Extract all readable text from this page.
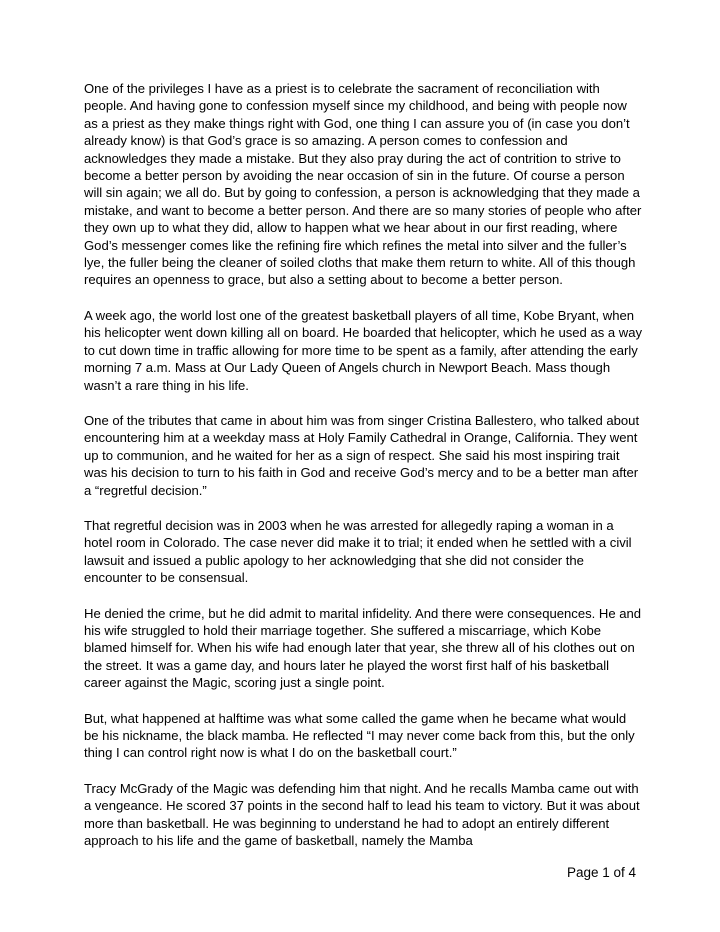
One of the privileges I have as a priest is to celebrate the sacrament of reconciliation with people. And having gone to confession myself since my childhood, and being with people now as a priest as they make things right with God, one thing I can assure you of (in case you don’t already know) is that God’s grace is so amazing. A person comes to confession and acknowledges they made a mistake. But they also pray during the act of contrition to strive to become a better person by avoiding the near occasion of sin in the future. Of course a person will sin again; we all do. But by going to confession, a person is acknowledging that they made a mistake, and want to become a better person. And there are so many stories of people who after they own up to what they did, allow to happen what we hear about in our first reading, where God’s messenger comes like the refining fire which refines the metal into silver and the fuller’s lye, the fuller being the cleaner of soiled cloths that make them return to white. All of this though requires an openness to grace, but also a setting about to become a better person.

A week ago, the world lost one of the greatest basketball players of all time, Kobe Bryant, when his helicopter went down killing all on board. He boarded that helicopter, which he used as a way to cut down time in traffic allowing for more time to be spent as a family, after attending the early morning 7 a.m. Mass at Our Lady Queen of Angels church in Newport Beach. Mass though wasn’t a rare thing in his life.

One of the tributes that came in about him was from singer Cristina Ballestero, who talked about encountering him at a weekday mass at Holy Family Cathedral in Orange, California. They went up to communion, and he waited for her as a sign of respect. She said his most inspiring trait was his decision to turn to his faith in God and receive God’s mercy and to be a better man after a “regretful decision.”

That regretful decision was in 2003 when he was arrested for allegedly raping a woman in a hotel room in Colorado. The case never did make it to trial; it ended when he settled with a civil lawsuit and issued a public apology to her acknowledging that she did not consider the encounter to be consensual.

He denied the crime, but he did admit to marital infidelity. And there were consequences. He and his wife struggled to hold their marriage together. She suffered a miscarriage, which Kobe blamed himself for. When his wife had enough later that year, she threw all of his clothes out on the street. It was a game day, and hours later he played the worst first half of his basketball career against the Magic, scoring just a single point.

But, what happened at halftime was what some called the game when he became what would be his nickname, the black mamba. He reflected “I may never come back from this, but the only thing I can control right now is what I do on the basketball court.”

Tracy McGrady of the Magic was defending him that night. And he recalls Mamba came out with a vengeance. He scored 37 points in the second half to lead his team to victory. But it was about more than basketball. He was beginning to understand he had to adopt an entirely different approach to his life and the game of basketball, namely the Mamba

Page 1 of 4
